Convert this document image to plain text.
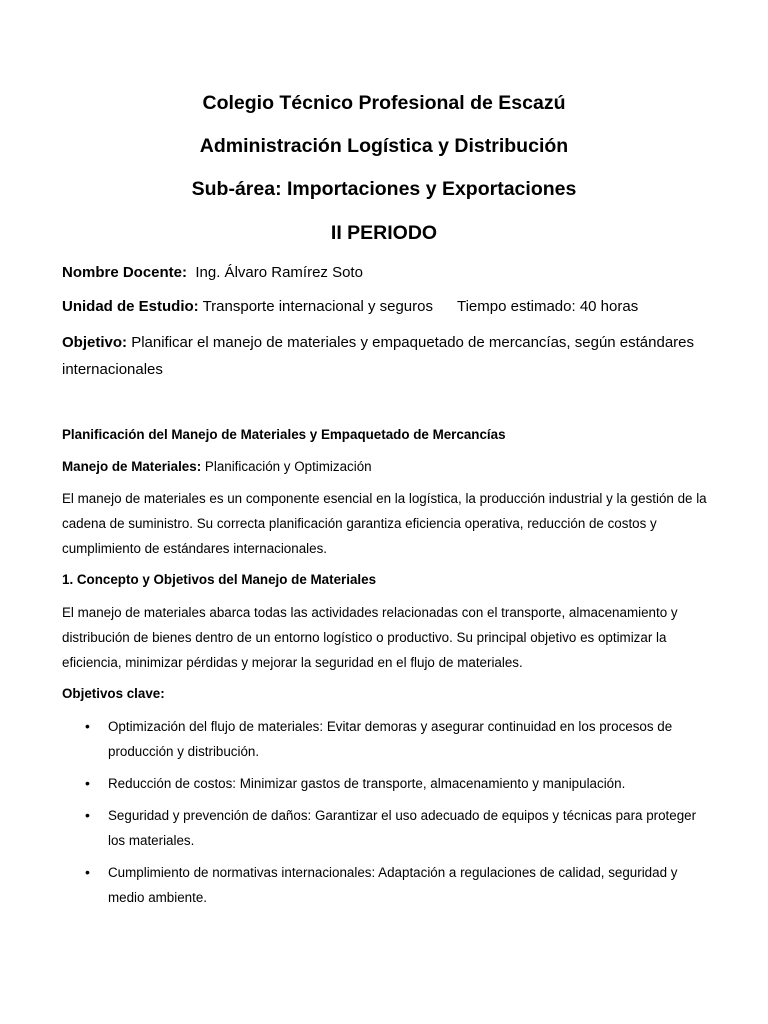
Colegio Técnico Profesional de Escazú
Administración Logística y Distribución
Sub-área: Importaciones y Exportaciones
II PERIODO
Nombre Docente: Ing. Álvaro Ramírez Soto
Unidad de Estudio: Transporte internacional y seguros Tiempo estimado: 40 horas
Objetivo: Planificar el manejo de materiales y empaquetado de mercancías, según estándares internacionales
Planificación del Manejo de Materiales y Empaquetado de Mercancías
Manejo de Materiales: Planificación y Optimización
El manejo de materiales es un componente esencial en la logística, la producción industrial y la gestión de la cadena de suministro. Su correcta planificación garantiza eficiencia operativa, reducción de costos y cumplimiento de estándares internacionales.
1. Concepto y Objetivos del Manejo de Materiales
El manejo de materiales abarca todas las actividades relacionadas con el transporte, almacenamiento y distribución de bienes dentro de un entorno logístico o productivo. Su principal objetivo es optimizar la eficiencia, minimizar pérdidas y mejorar la seguridad en el flujo de materiales.
Objetivos clave:
• Optimización del flujo de materiales: Evitar demoras y asegurar continuidad en los procesos de producción y distribución.
• Reducción de costos: Minimizar gastos de transporte, almacenamiento y manipulación.
• Seguridad y prevención de daños: Garantizar el uso adecuado de equipos y técnicas para proteger los materiales.
• Cumplimiento de normativas internacionales: Adaptación a regulaciones de calidad, seguridad y medio ambiente.
